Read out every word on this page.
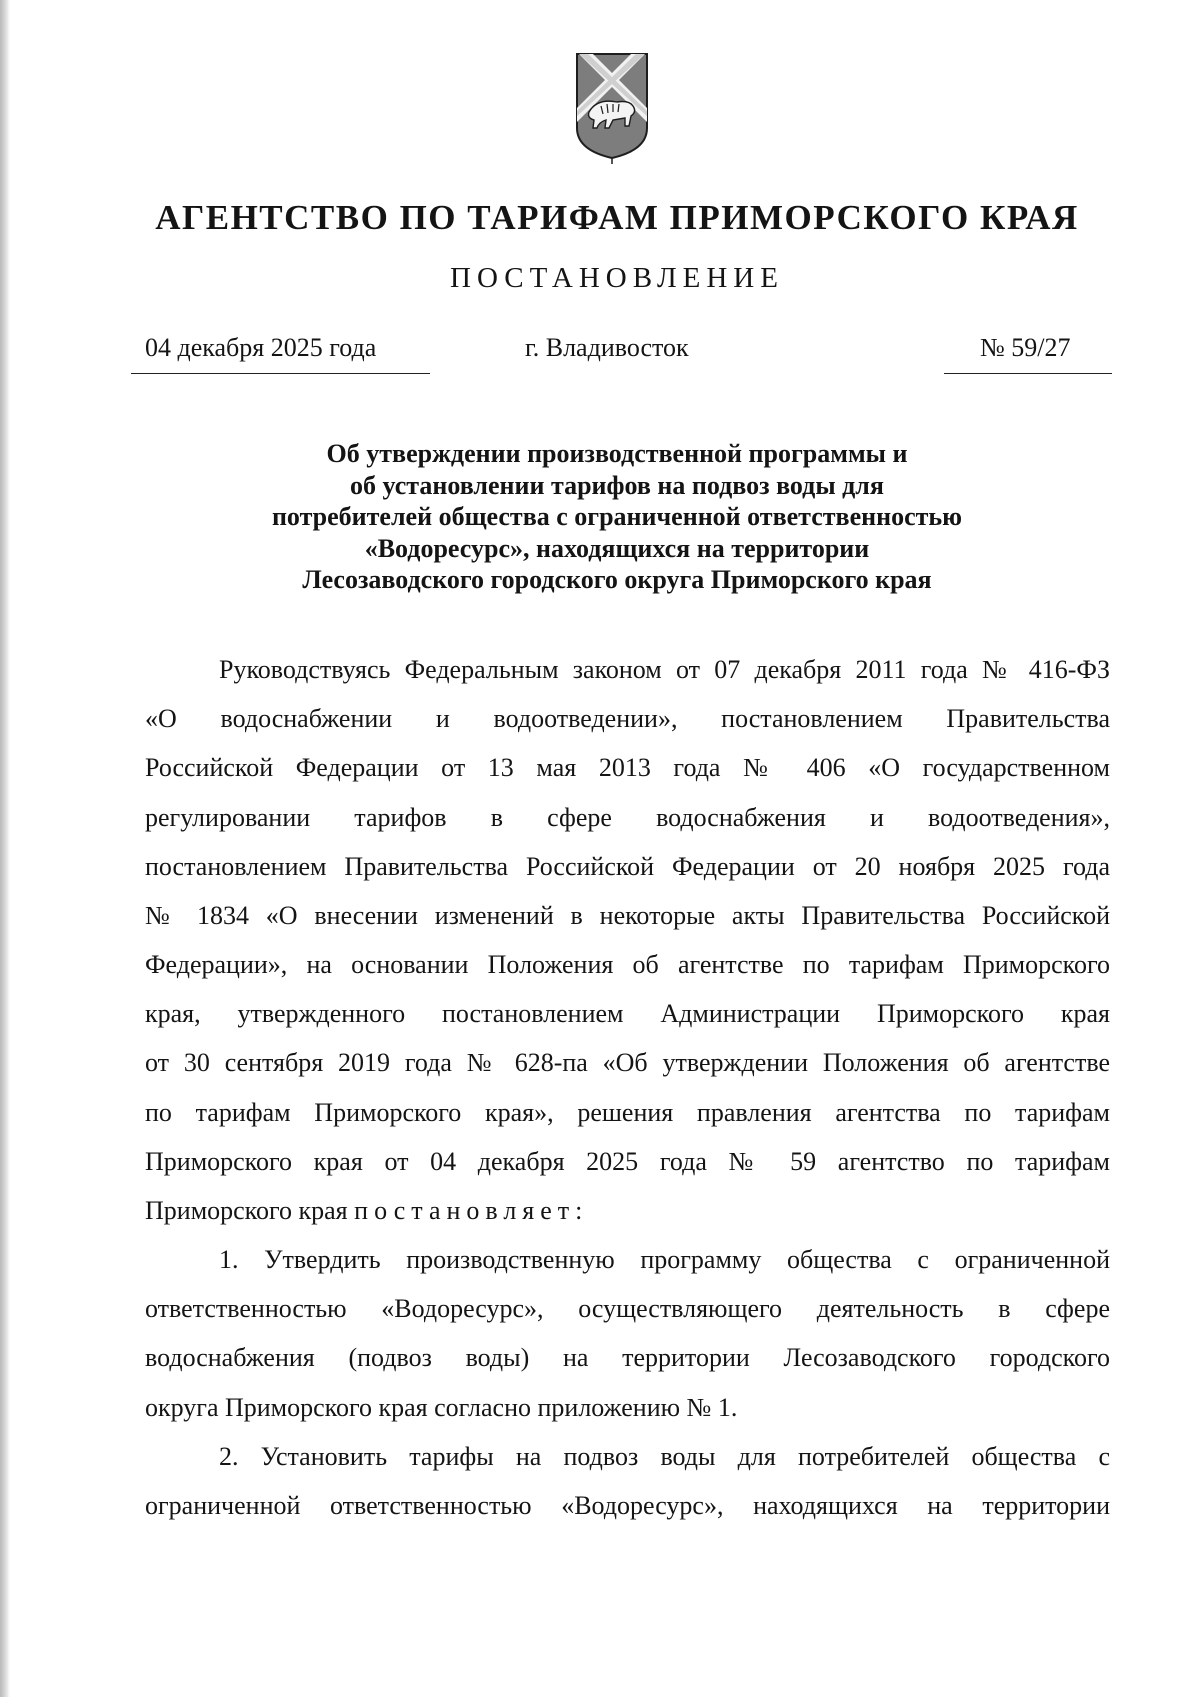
АГЕНТСТВО ПО ТАРИФАМ ПРИМОРСКОГО КРАЯ
ПОСТАНОВЛЕНИЕ
04 декабря 2025 года	г. Владивосток	№ 59/27
Об утверждении производственной программы и
об установлении тарифов на подвоз воды для
потребителей общества с ограниченной ответственностью
«Водоресурс», находящихся на территории
Лесозаводского городского округа Приморского края
Руководствуясь Федеральным законом от 07 декабря 2011 года № 416-ФЗ
«О водоснабжении и водоотведении», постановлением Правительства
Российской Федерации от 13 мая 2013 года № 406 «О государственном
регулировании тарифов в сфере водоснабжения и водоотведения»,
постановлением Правительства Российской Федерации от 20 ноября 2025 года
№ 1834 «О внесении изменений в некоторые акты Правительства Российской
Федерации», на основании Положения об агентстве по тарифам Приморского
края, утвержденного постановлением Администрации Приморского края
от 30 сентября 2019 года № 628-па «Об утверждении Положения об агентстве
по тарифам Приморского края», решения правления агентства по тарифам
Приморского края от 04 декабря 2025 года № 59 агентство по тарифам
Приморского края постановляет:
1. Утвердить производственную программу общества с ограниченной
ответственностью «Водоресурс», осуществляющего деятельность в сфере
водоснабжения (подвоз воды) на территории Лесозаводского городского
округа Приморского края согласно приложению № 1.
2. Установить тарифы на подвоз воды для потребителей общества с
ограниченной ответственностью «Водоресурс», находящихся на территории
